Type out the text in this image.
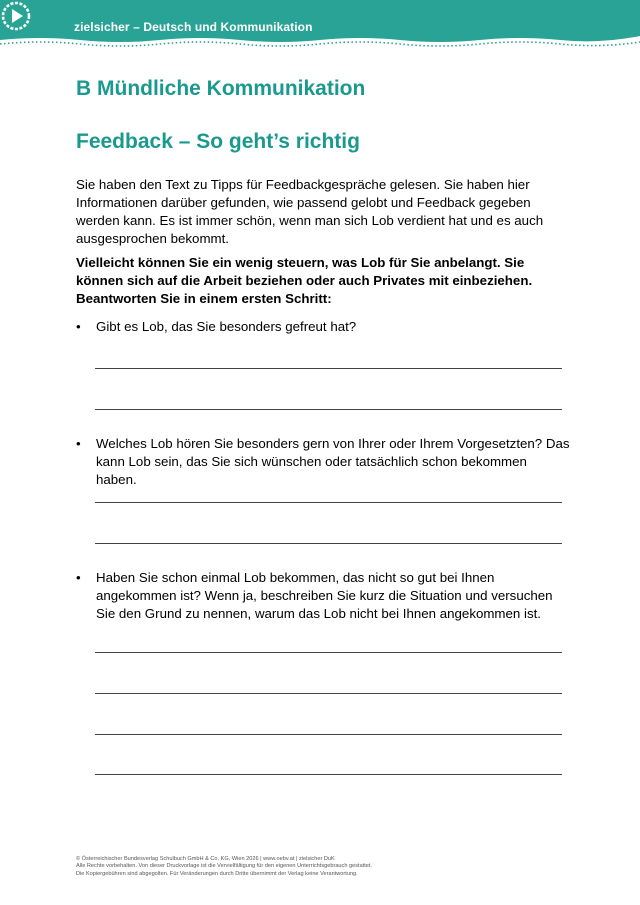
zielsicher – Deutsch und Kommunikation
B Mündliche Kommunikation
Feedback – So geht’s richtig

Sie haben den Text zu Tipps für Feedbackgespräche gelesen. Sie haben hier Informationen darüber gefunden, wie passend gelobt und Feedback gegeben werden kann. Es ist immer schön, wenn man sich Lob verdient hat und es auch ausgesprochen bekommt.

Vielleicht können Sie ein wenig steuern, was Lob für Sie anbelangt. Sie können sich auf die Arbeit beziehen oder auch Privates mit einbeziehen.
Beantworten Sie in einem ersten Schritt:
• Gibt es Lob, das Sie besonders gefreut hat?
• Welches Lob hören Sie besonders gern von Ihrer oder Ihrem Vorgesetzten? Das kann Lob sein, das Sie sich wünschen oder tatsächlich schon bekommen haben.
• Haben Sie schon einmal Lob bekommen, das nicht so gut bei Ihnen angekommen ist? Wenn ja, beschreiben Sie kurz die Situation und versuchen Sie den Grund zu nennen, warum das Lob nicht bei Ihnen angekommen ist.
© Österreichischer Bundesverlag Schulbuch GmbH & Co. KG, Wien 2026 | www.oebv.at | zielsicher DuK
Alle Rechte vorbehalten. Von dieser Druckvorlage ist die Vervielfältigung für den eigenen Unterrichtsgebrauch gestattet.
Die Kopiergebühren sind abgegolten. Für Veränderungen durch Dritte übernimmt der Verlag keine Verantwortung.
